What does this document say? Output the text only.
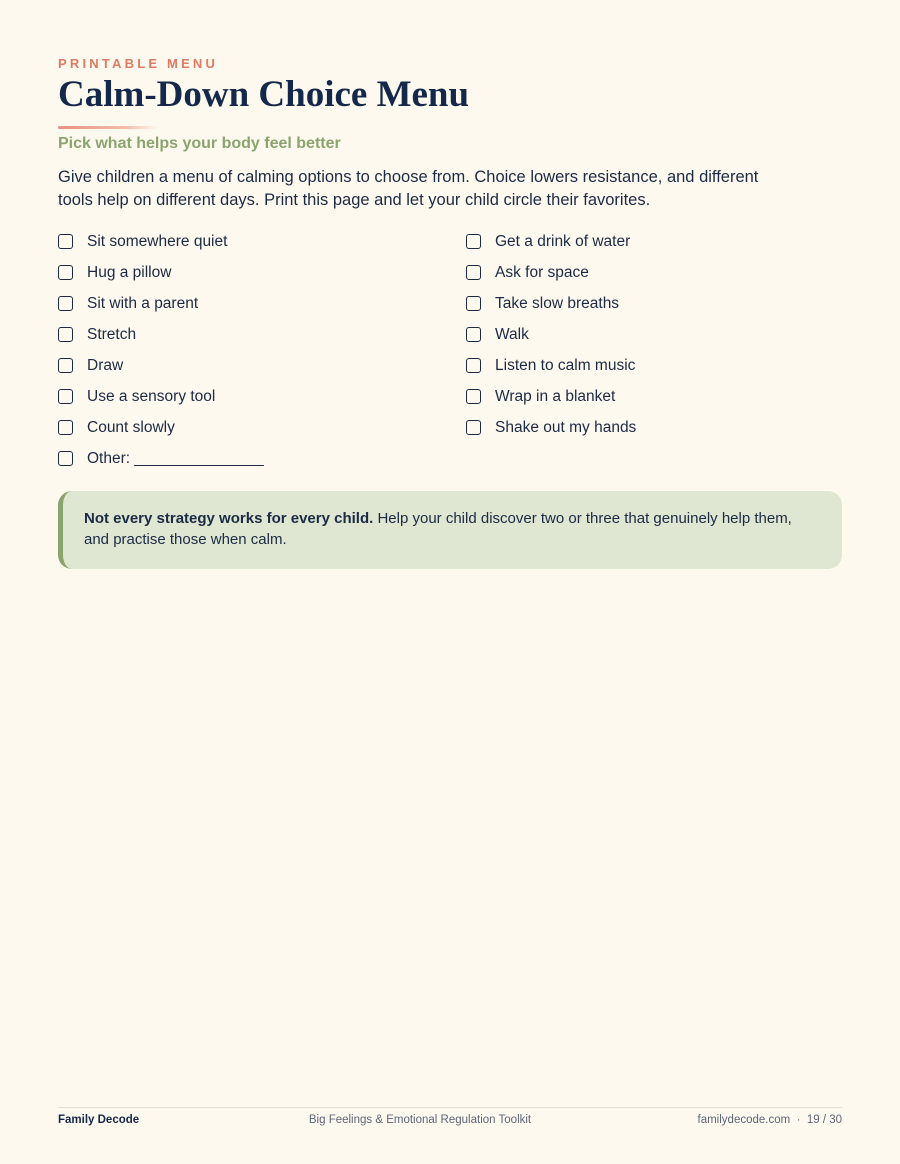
PRINTABLE MENU
Calm-Down Choice Menu
Pick what helps your body feel better

Give children a menu of calming options to choose from. Choice lowers resistance, and different tools help on different days. Print this page and let your child circle their favorites.

Sit somewhere quiet
Hug a pillow
Sit with a parent
Stretch
Draw
Use a sensory tool
Count slowly
Other: _______________
Get a drink of water
Ask for space
Take slow breaths
Walk
Listen to calm music
Wrap in a blanket
Shake out my hands
Not every strategy works for every child. Help your child discover two or three that genuinely help them, and practise those when calm.
Family Decode	Big Feelings & Emotional Regulation Toolkit	familydecode.com · 19 / 30
